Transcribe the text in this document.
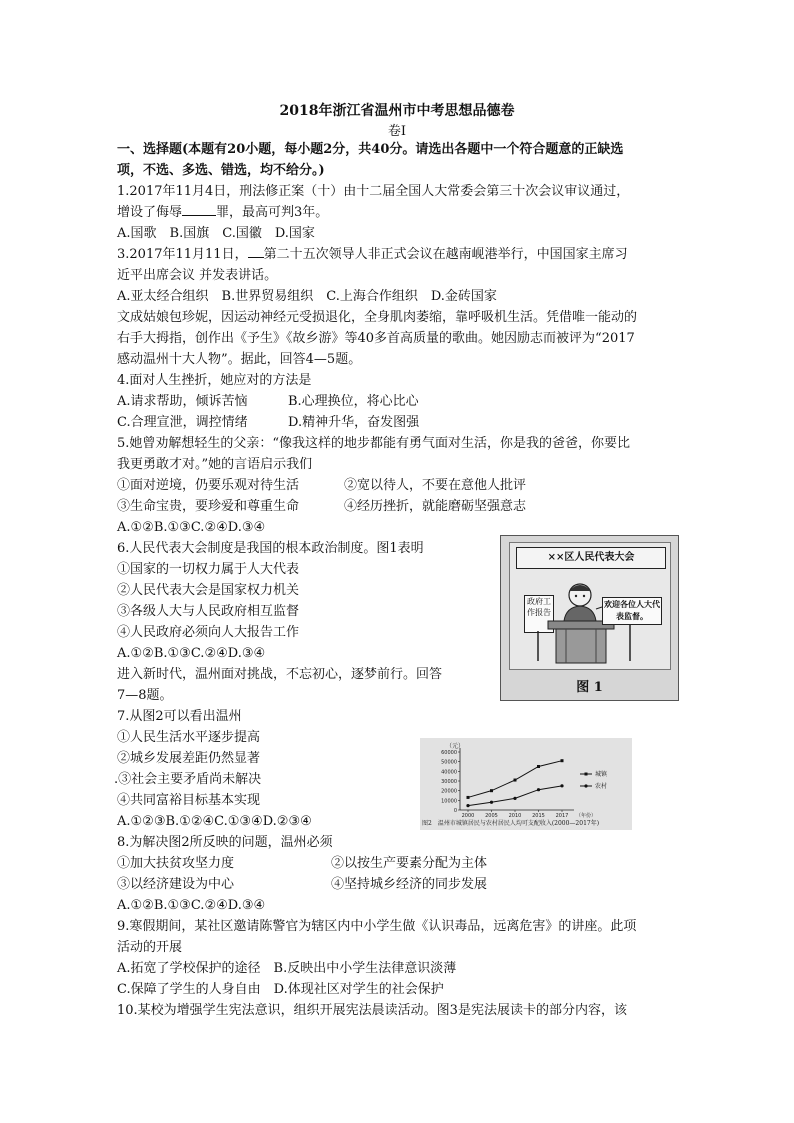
2018年浙江省温州市中考思想品德卷
卷Ⅰ
一、选择题(本题有20小题，每小题2分，共40分。请选出各题中一个符合题意的正缺选
项，不选、多选、错选，均不给分。)
1.2017年11月4日，刑法修正案（十）由十二届全国人大常委会第三十次会议审议通过，
增设了侮辱	罪，最高可判3年。
A.国歌　B.国旗　C.国徽　D.国家
3.2017年11月11日， 第二十五次领导人非正式会议在越南岘港举行，中国国家主席习
近平出席会议 并发表讲话。
A.亚太经合组织　B.世界贸易组织　C.上海合作组织　D.金砖国家
文成姑娘包珍妮，因运动神经元受损退化，全身肌肉萎缩，靠呼吸机生活。凭借唯一能动的
右手大拇指，创作出《予生》《故乡游》等40多首高质量的歌曲。她因励志而被评为“2017
感动温州十大人物”。据此，回答4—5题。
4.面对人生挫折，她应对的方法是
A.请求帮助，倾诉苦恼	B.心理换位，将心比心
C.合理宣泄，调控情绪	D.精神升华，奋发图强
5.她曾劝解想轻生的父亲：“像我这样的地步都能有勇气面对生活，你是我的爸爸，你要比
我更勇敢才对。”她的言语启示我们
①面对逆境，仍要乐观对待生活	②宽以待人，不要在意他人批评
③生命宝贵，要珍爱和尊重生命	④经历挫折，就能磨砺坚强意志
A.①②B.①③C.②④D.③④
6.人民代表大会制度是我国的根本政治制度。图1表明
①国家的一切权力属于人大代表
②人民代表大会是国家权力机关
③各级人大与人民政府相互监督
④人民政府必须向人大报告工作
A.①②B.①③C.②④D.③④
进入新时代，温州面对挑战，不忘初心，逐梦前行。回答
7—8题。
××区人民代表大会
政府工作报告
欢迎各位人大代表监督。
图 1
7.从图2可以看出温州
①人民生活水平逐步提高
②城乡发展差距仍然显著
.③社会主要矛盾尚未解决
④共同富裕目标基本实现
A.①②③B.①②④C.①③④D.②③④
（元）
0
10000
20000
30000
40000
50000
60000
2000 2005 2010 2015 2017 （年份）
城镇
农村
图2　温州市城镇居民与农村居民人均可支配收入(2000—2017年)
8.为解决图2所反映的问题，温州必须
①加大扶贫攻坚力度	②以按生产要素分配为主体
③以经济建设为中心	④坚持城乡经济的同步发展
A.①②B.①③C.②④D.③④
9.寒假期间，某社区邀请陈警官为辖区内中小学生做《认识毒品，远离危害》的讲座。此项
活动的开展
A.拓宽了学校保护的途径　B.反映出中小学生法律意识淡薄
C.保障了学生的人身自由　D.体现社区对学生的社会保护
10.某校为增强学生宪法意识，组织开展宪法晨读活动。图3是宪法展读卡的部分内容，该
